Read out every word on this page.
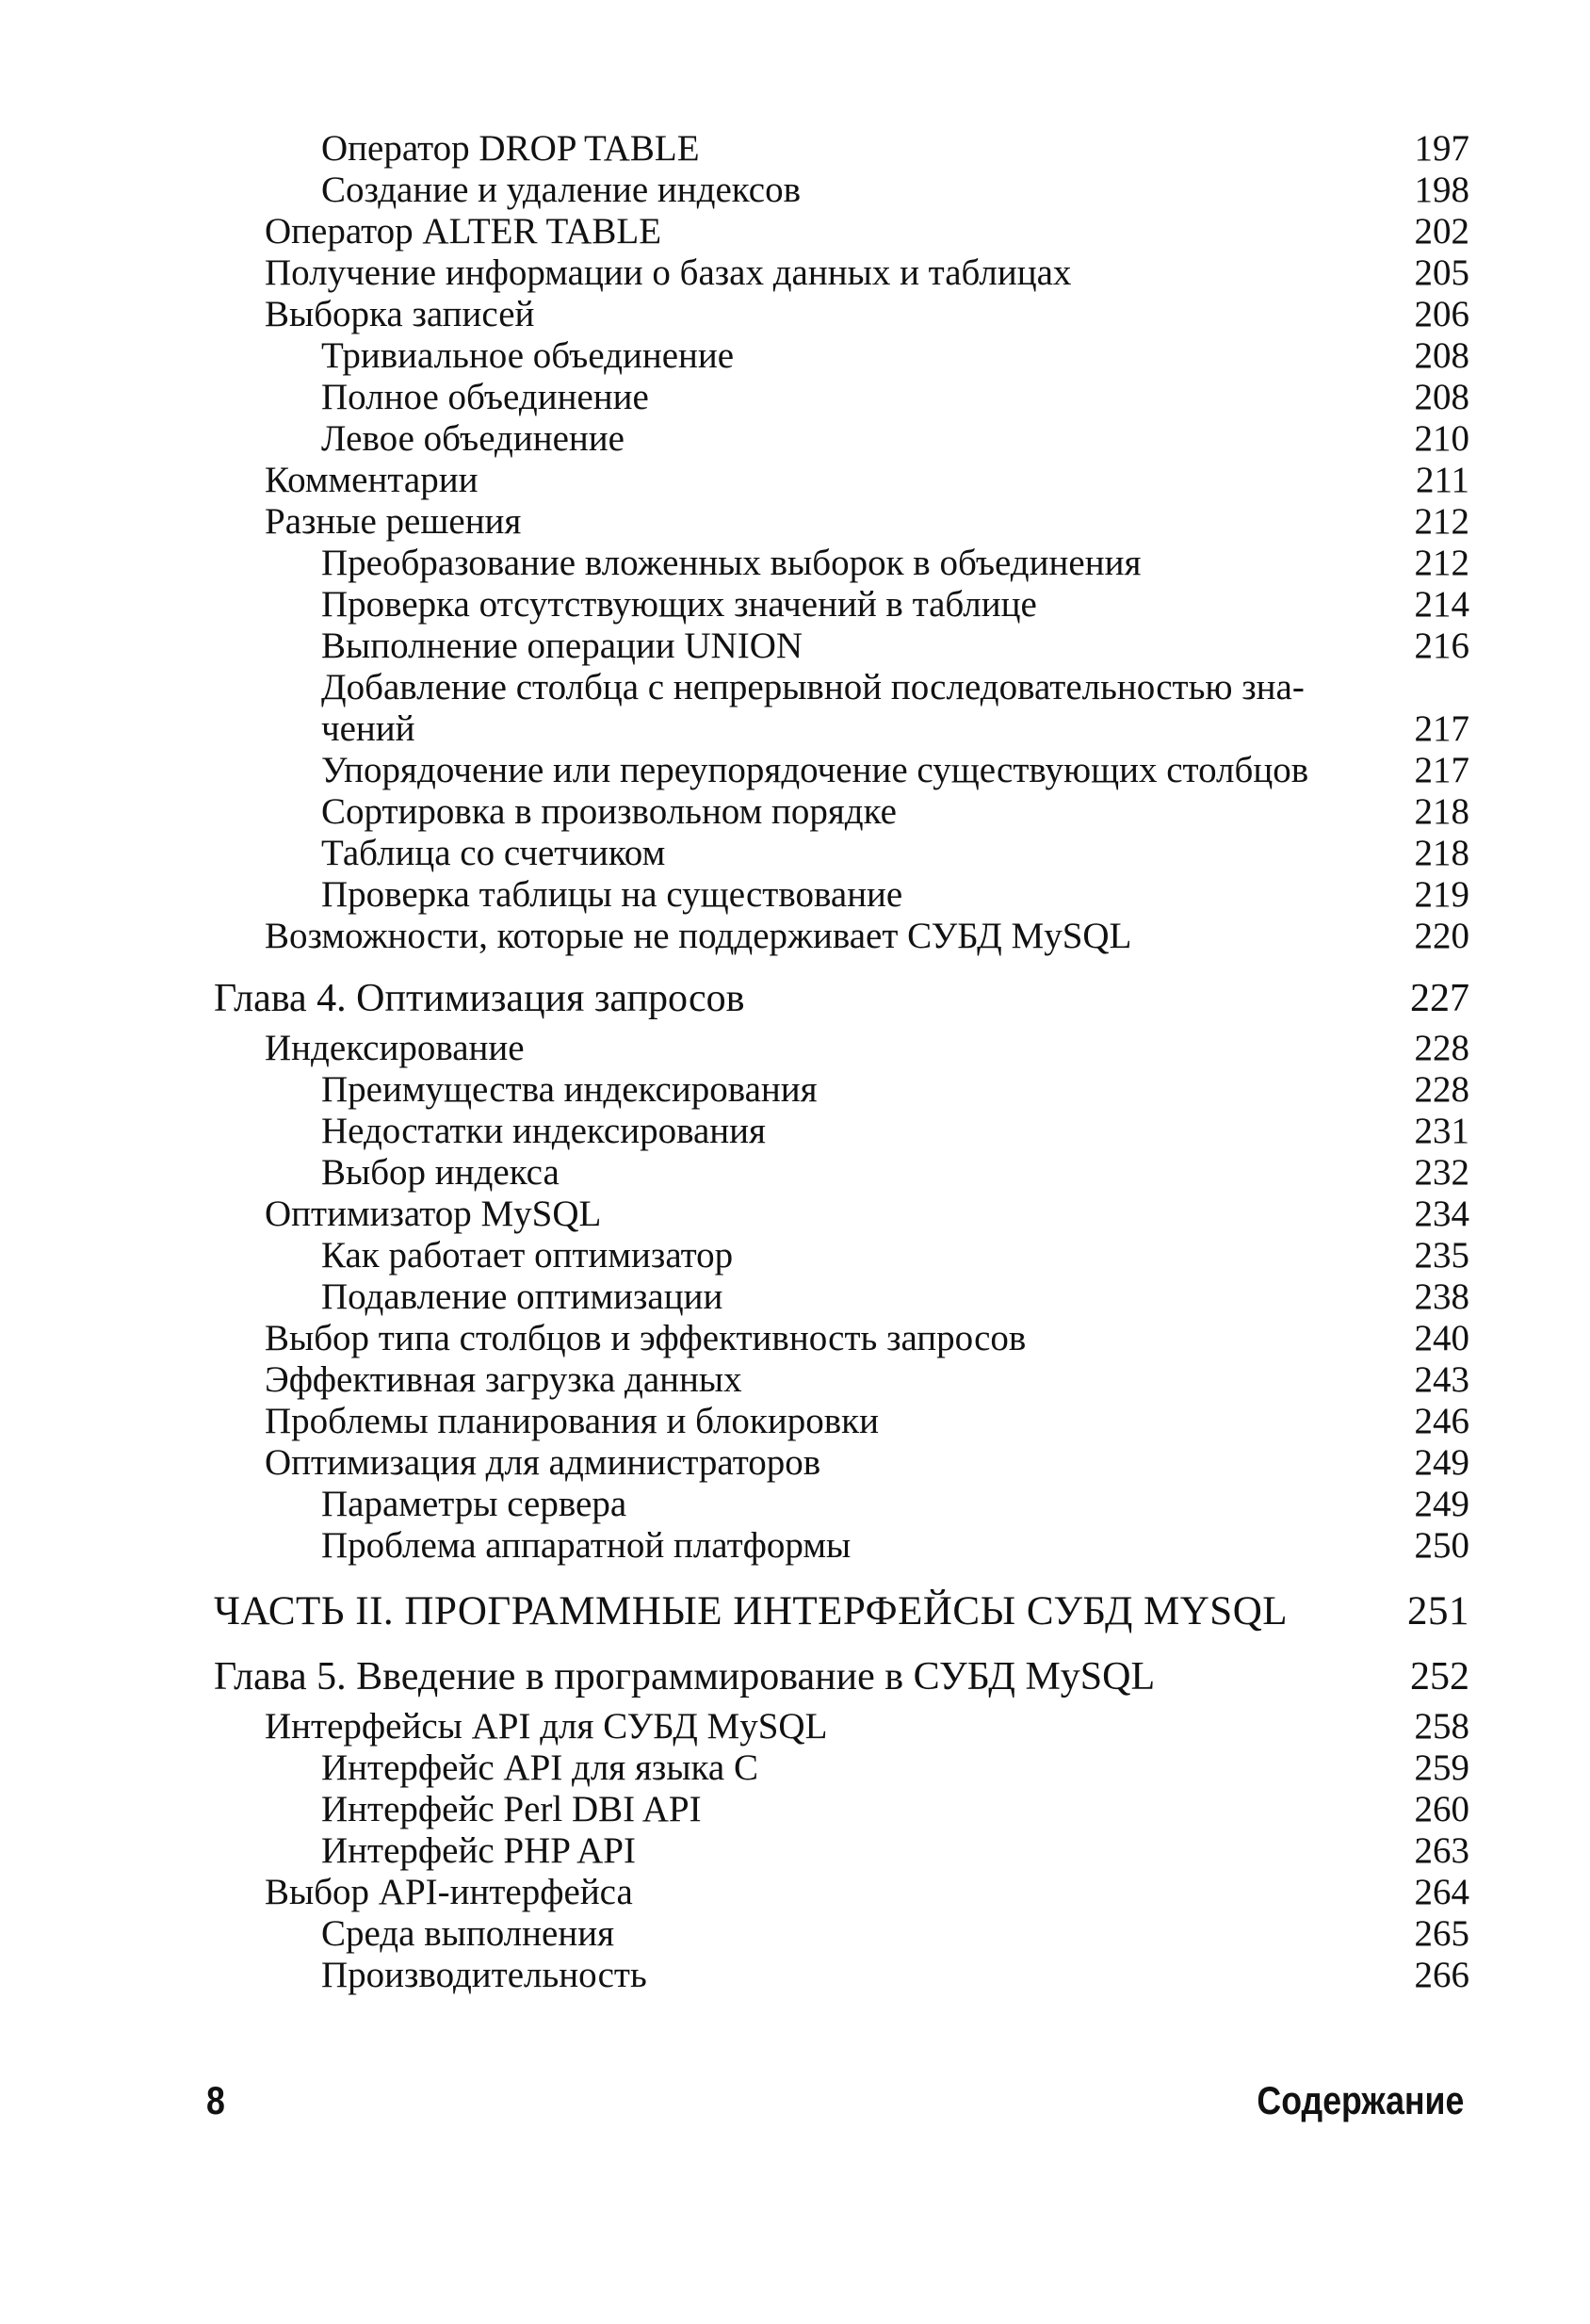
Оператор DROP TABLE	197
Создание и удаление индексов	198
Оператор ALTER TABLE	202
Получение информации о базах данных и таблицах	205
Выборка записей	206
Тривиальное объединение	208
Полное объединение	208
Левое объединение	210
Комментарии	211
Разные решения	212
Преобразование вложенных выборок в объединения	212
Проверка отсутствующих значений в таблице	214
Выполнение операции UNION	216
Добавление столбца с непрерывной последовательностью зна-
чений	217
Упорядочение или переупорядочение существующих столбцов	217
Сортировка в произвольном порядке	218
Таблица со счетчиком	218
Проверка таблицы на существование	219
Возможности, которые не поддерживает СУБД MySQL	220
Глава 4. Оптимизация запросов	227
Индексирование	228
Преимущества индексирования	228
Недостатки индексирования	231
Выбор индекса	232
Оптимизатор MySQL	234
Как работает оптимизатор	235
Подавление оптимизации	238
Выбор типа столбцов и эффективность запросов	240
Эффективная загрузка данных	243
Проблемы планирования и блокировки	246
Оптимизация для администраторов	249
Параметры сервера	249
Проблема аппаратной платформы	250
ЧАСТЬ II. ПРОГРАММНЫЕ ИНТЕРФЕЙСЫ СУБД MYSQL	251
Глава 5. Введение в программирование в СУБД MySQL	252
Интерфейсы API для СУБД MySQL	258
Интерфейс API для языка C	259
Интерфейс Perl DBI API	260
Интерфейс PHP API	263
Выбор API-интерфейса	264
Среда выполнения	265
Производительность	266
8	Содержание
